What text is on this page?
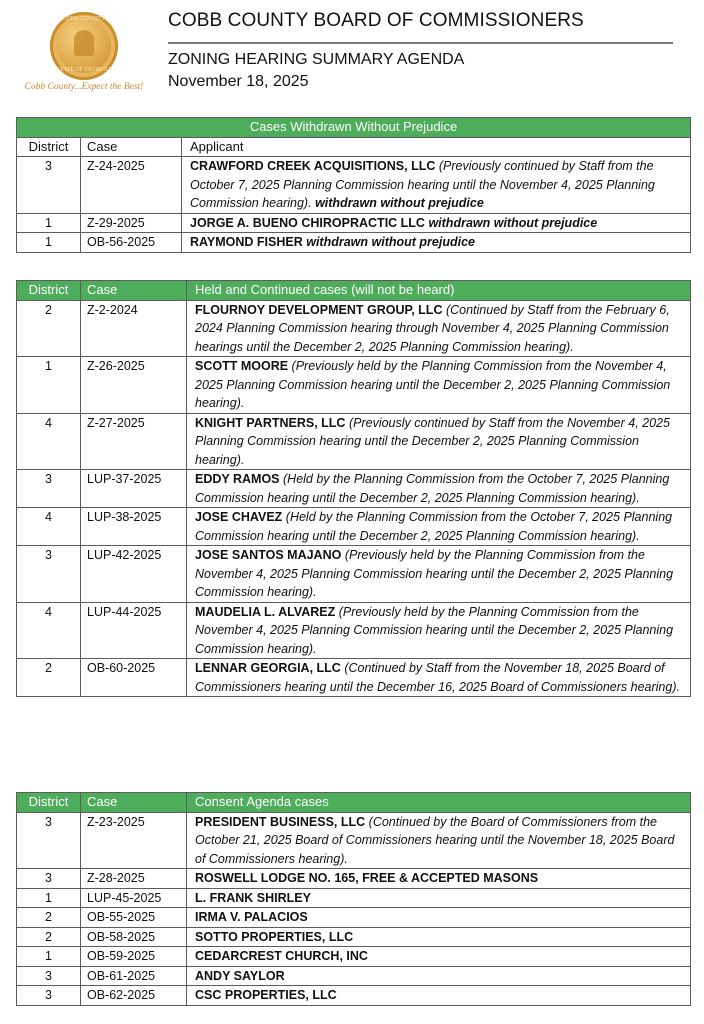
COBB COUNTY
STATE OF GEORGIA
Cobb County...Expect the Best!
COBB COUNTY BOARD OF COMMISSIONERS
ZONING HEARING SUMMARY AGENDA
November 18, 2025
Cases Withdrawn Without Prejudice		
District	Case	Applicant
3	Z-24-2025	CRAWFORD CREEK ACQUISITIONS, LLC (Previously continued by Staff from the October 7, 2025 Planning Commission hearing until the November 4, 2025 Planning Commission hearing). withdrawn without prejudice
1	Z-29-2025	JORGE A. BUENO CHIROPRACTIC LLC withdrawn without prejudice
1	OB-56-2025	RAYMOND FISHER withdrawn without prejudice
District	Case	Held and Continued cases (will not be heard)
2	Z-2-2024	FLOURNOY DEVELOPMENT GROUP, LLC (Continued by Staff from the February 6, 2024 Planning Commission hearing through November 4, 2025 Planning Commission hearings until the December 2, 2025 Planning Commission hearing).
1	Z-26-2025	SCOTT MOORE (Previously held by the Planning Commission from the November 4, 2025 Planning Commission hearing until the December 2, 2025 Planning Commission hearing).
4	Z-27-2025	KNIGHT PARTNERS, LLC (Previously continued by Staff from the November 4, 2025 Planning Commission hearing until the December 2, 2025 Planning Commission hearing).
3	LUP-37-2025	EDDY RAMOS (Held by the Planning Commission from the October 7, 2025 Planning Commission hearing until the December 2, 2025 Planning Commission hearing).
4	LUP-38-2025	JOSE CHAVEZ (Held by the Planning Commission from the October 7, 2025 Planning Commission hearing until the December 2, 2025 Planning Commission hearing).
3	LUP-42-2025	JOSE SANTOS MAJANO (Previously held by the Planning Commission from the November 4, 2025 Planning Commission hearing until the December 2, 2025 Planning Commission hearing).
4	LUP-44-2025	MAUDELIA L. ALVAREZ (Previously held by the Planning Commission from the November 4, 2025 Planning Commission hearing until the December 2, 2025 Planning Commission hearing).
2	OB-60-2025	LENNAR GEORGIA, LLC (Continued by Staff from the November 18, 2025 Board of Commissioners hearing until the December 16, 2025 Board of Commissioners hearing).
District	Case	Consent Agenda cases
3	Z-23-2025	PRESIDENT BUSINESS, LLC (Continued by the Board of Commissioners from the October 21, 2025 Board of Commissioners hearing until the November 18, 2025 Board of Commissioners hearing).
3	Z-28-2025	ROSWELL LODGE NO. 165, FREE & ACCEPTED MASONS
1	LUP-45-2025	L. FRANK SHIRLEY
2	OB-55-2025	IRMA V. PALACIOS
2	OB-58-2025	SOTTO PROPERTIES, LLC
1	OB-59-2025	CEDARCREST CHURCH, INC
3	OB-61-2025	ANDY SAYLOR
3	OB-62-2025	CSC PROPERTIES, LLC
